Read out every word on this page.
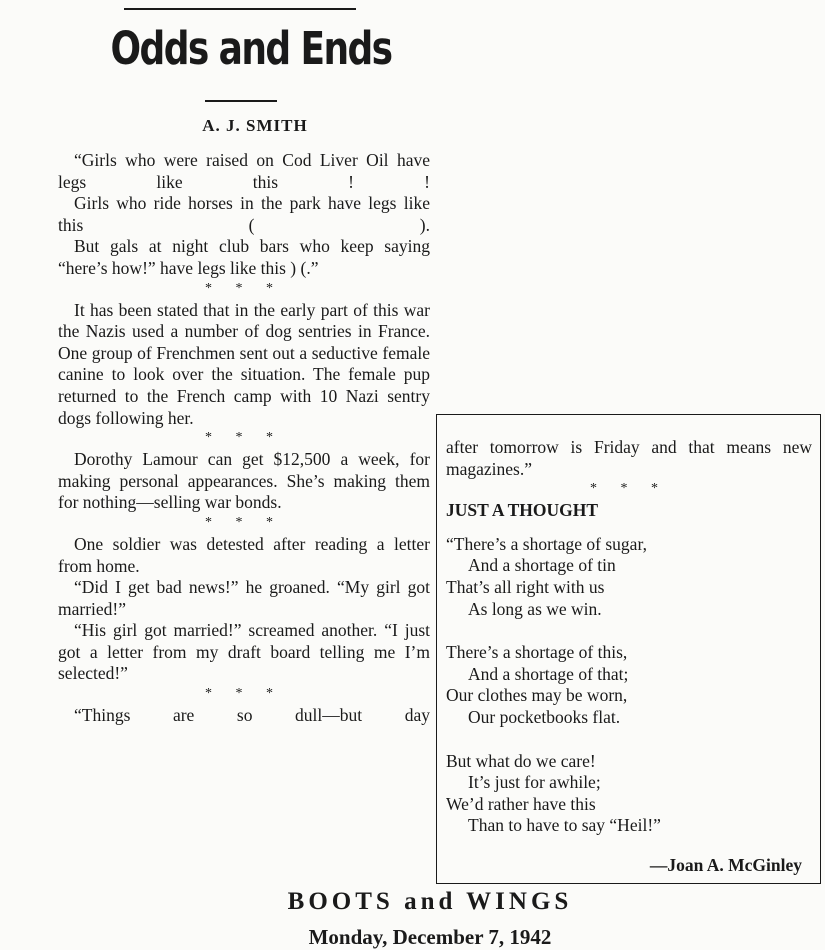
Odds and Ends
A. J. SMITH

“Girls who were raised on Cod Liver Oil have legs like this ! !

Girls who ride horses in the park have legs like this ( ).

But gals at night club bars who keep saying “here’s how!” have legs like this ) (.”

* * *

It has been stated that in the early part of this war the Nazis used a number of dog sentries in France. One group of Frenchmen sent out a seductive female canine to look over the situation. The female pup returned to the French camp with 10 Nazi sentry dogs following her.

* * *

Dorothy Lamour can get $12,500 a week, for making personal appearances. She’s making them for nothing—selling war bonds.

* * *

One soldier was detested after reading a letter from home.

“Did I get bad news!” he groaned. “My girl got married!”

“His girl got married!” screamed another. “I just got a letter from my draft board telling me I’m selected!”

* * *

“Things are so dull—but day

after tomorrow is Friday and that means new magazines.”

* * *

JUST A THOUGHT

“There’s a shortage of sugar,

And a shortage of tin

That’s all right with us

As long as we win.

There’s a shortage of this,

And a shortage of that;

Our clothes may be worn,

Our pocketbooks flat.

But what do we care!

It’s just for awhile;

We’d rather have this

Than to have to say “Heil!”

—Joan A. McGinley

BOOTS and WINGS
Monday, December 7, 1942
